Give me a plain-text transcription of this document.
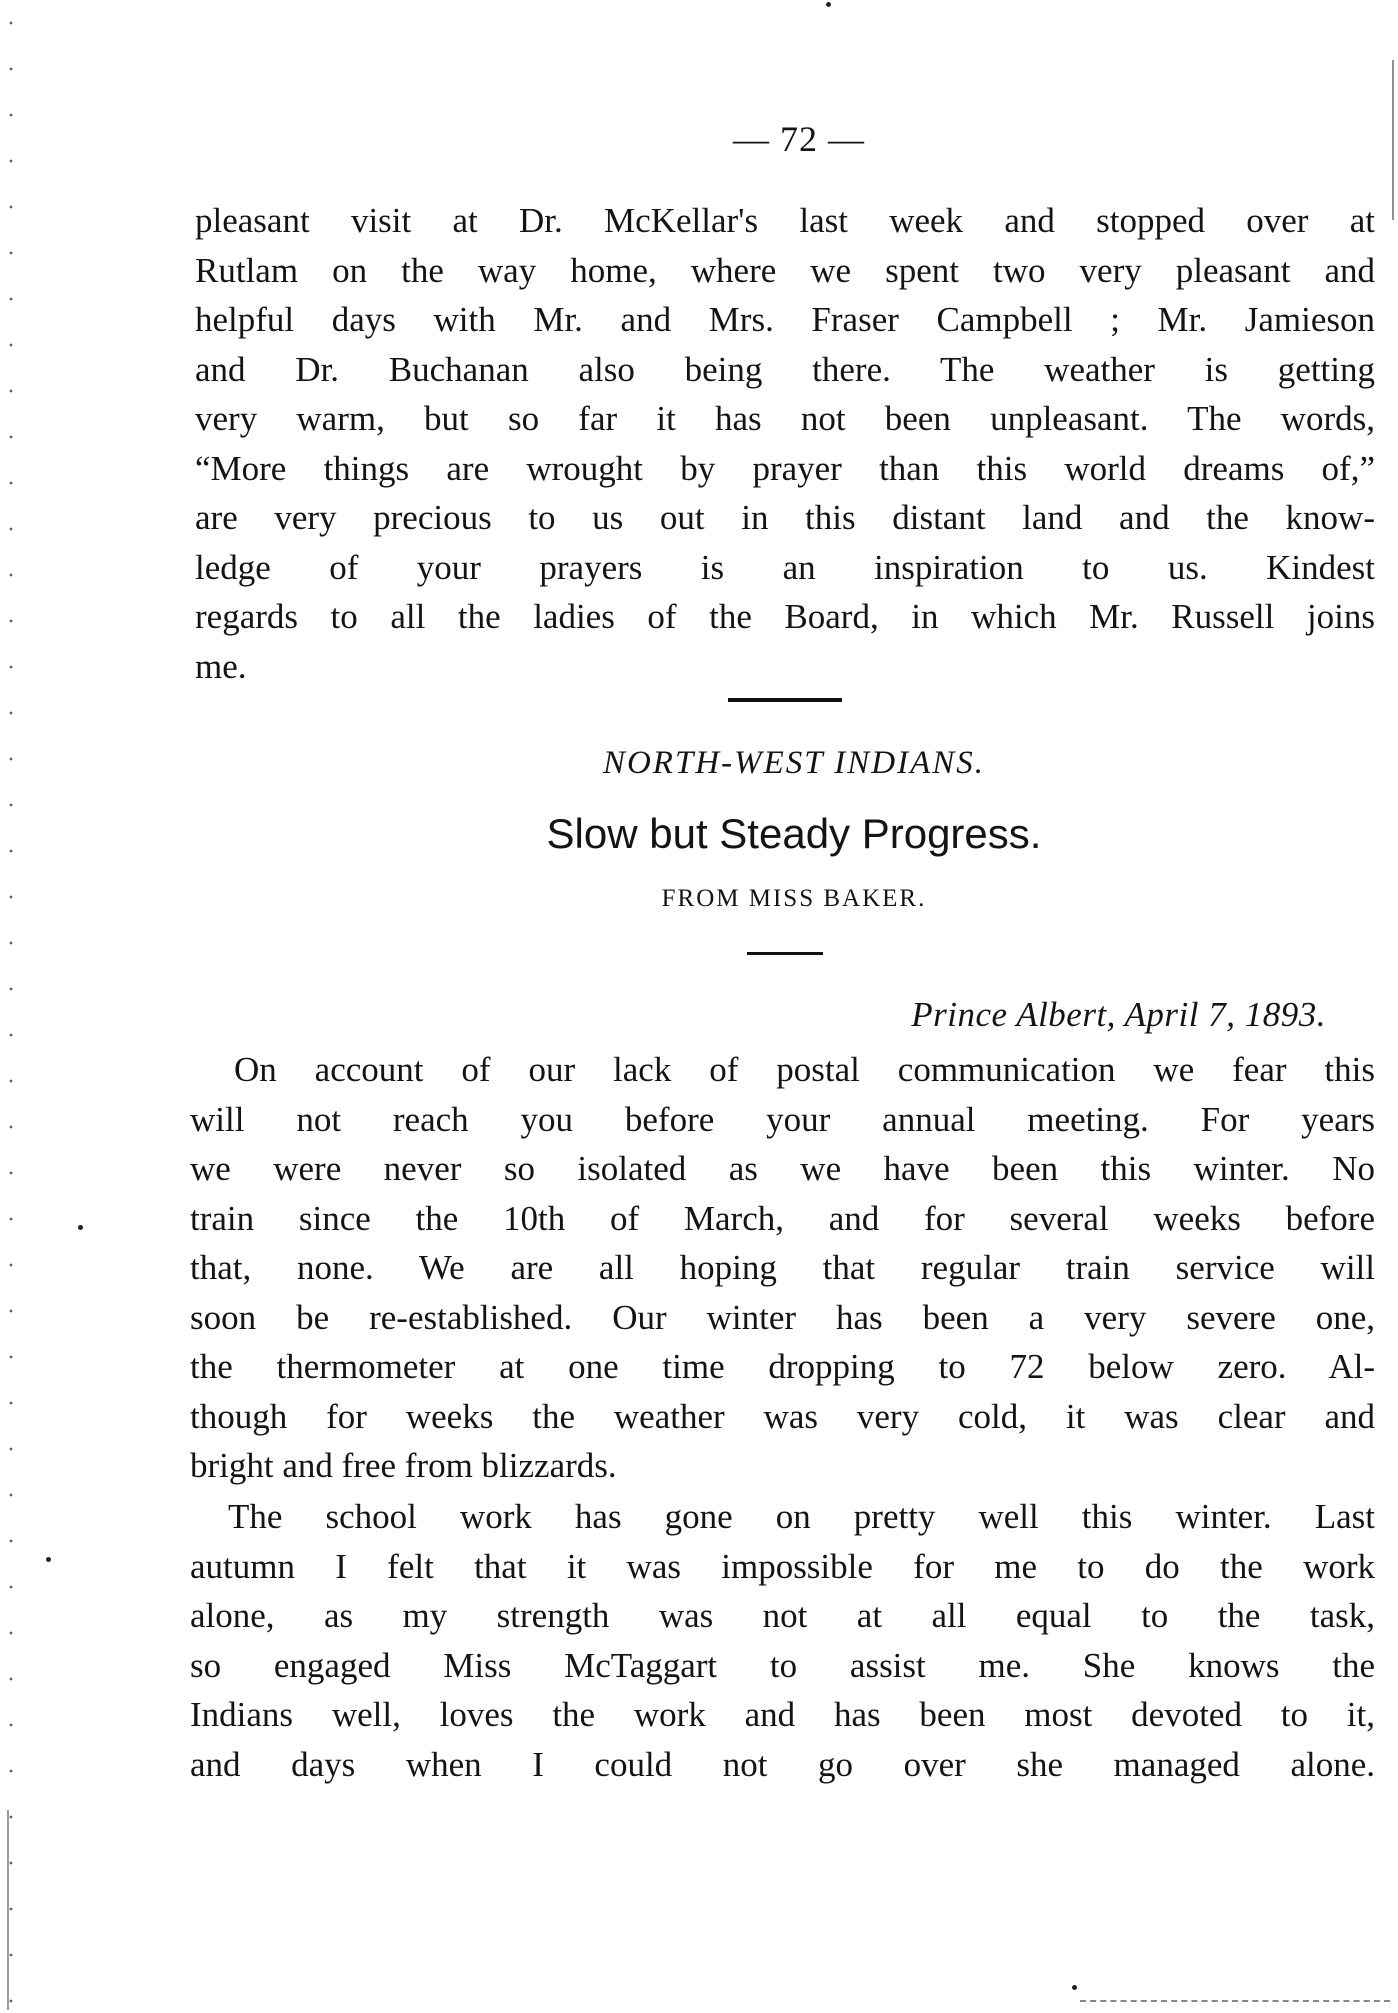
— 72 —
pleasant visit at Dr. McKellar's last week and stopped over at
Rutlam on the way home, where we spent two very pleasant and
helpful days with Mr. and Mrs. Fraser Campbell ; Mr. Jamieson
and Dr. Buchanan also being there. The weather is getting
very warm, but so far it has not been unpleasant. The words,
“More things are wrought by prayer than this world dreams of,”
are very precious to us out in this distant land and the know-
ledge of your prayers is an inspiration to us. Kindest
regards to all the ladies of the Board, in which Mr. Russell joins
me.
NORTH-WEST INDIANS.
Slow but Steady Progress.
FROM MISS BAKER.
Prince Albert, April 7, 1893.
On account of our lack of postal communication we fear this
will not reach you before your annual meeting. For years
we were never so isolated as we have been this winter. No
train since the 10th of March, and for several weeks before
that, none. We are all hoping that regular train service will
soon be re-established. Our winter has been a very severe one,
the thermometer at one time dropping to 72 below zero. Al-
though for weeks the weather was very cold, it was clear and
bright and free from blizzards.
The school work has gone on pretty well this winter. Last
autumn I felt that it was impossible for me to do the work
alone, as my strength was not at all equal to the task,
so engaged Miss McTaggart to assist me. She knows the
Indians well, loves the work and has been most devoted to it,
and days when I could not go over she managed alone.
